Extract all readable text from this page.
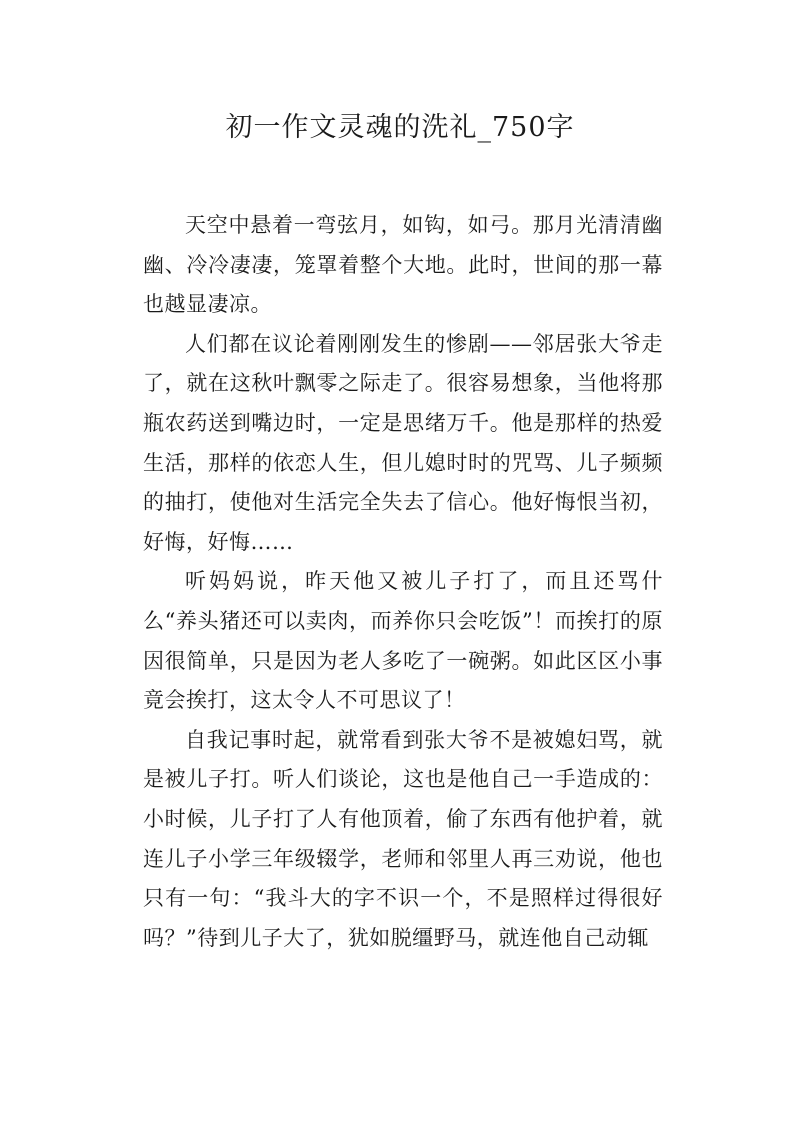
初一作文灵魂的洗礼_750字

天空中悬着一弯弦月，如钩，如弓。那月光清清幽幽、冷冷凄凄，笼罩着整个大地。此时，世间的那一幕也越显凄凉。

人们都在议论着刚刚发生的惨剧——邻居张大爷走了，就在这秋叶飘零之际走了。很容易想象，当他将那瓶农药送到嘴边时，一定是思绪万千。他是那样的热爱生活，那样的依恋人生，但儿媳时时的咒骂、儿子频频的抽打，使他对生活完全失去了信心。他好悔恨当初，好悔，好悔……

听妈妈说，昨天他又被儿子打了，而且还骂什么“养头猪还可以卖肉，而养你只会吃饭”！而挨打的原因很简单，只是因为老人多吃了一碗粥。如此区区小事竟会挨打，这太令人不可思议了！

自我记事时起，就常看到张大爷不是被媳妇骂，就是被儿子打。听人们谈论，这也是他自己一手造成的：小时候，儿子打了人有他顶着，偷了东西有他护着，就连儿子小学三年级辍学，老师和邻里人再三劝说，他也只有一句：“我斗大的字不识一个，不是照样过得很好吗？”待到儿子大了，犹如脱缰野马，就连他自己动辄
